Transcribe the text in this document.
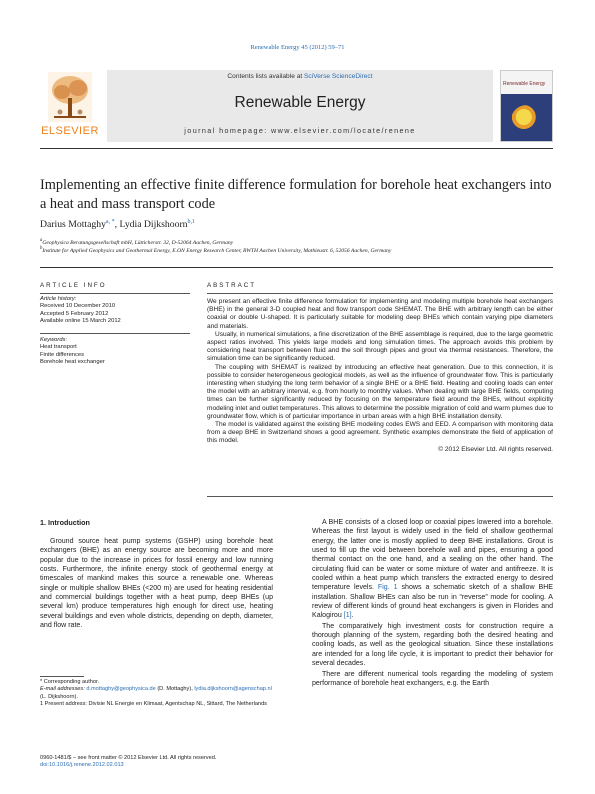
Renewable Energy 45 (2012) 59–71
ELSEVIER
Contents lists available at SciVerse ScienceDirect
Renewable Energy
journal homepage: www.elsevier.com/locate/renene
Renewable Energy
Implementing an effective finite difference formulation for borehole heat exchangers into a heat and mass transport code
Darius Mottaghy$^{a, *}$, Lydia Dijkshoorn$^{b,1}$
$^a$Geophysica Beratungsgesellschaft mbH, Lütticherstr. 32, D-52064 Aachen, Germany
$^b$Institute for Applied Geophysics and Geothermal Energy, E.ON Energy Research Center, RWTH Aachen University, Mathieustr. 6, 52056 Aachen, Germany
ARTICLE INFO
Article history:
Received 10 December 2010
Accepted 5 February 2012
Available online 15 March 2012
Keywords:
Heat transport
Finite differences
Borehole heat exchanger
ABSTRACT

We present an effective finite difference formulation for implementing and modeling multiple borehole heat exchangers (BHE) in the general 3-D coupled heat and flow transport code SHEMAT. The BHE with arbitrary length can be either coaxial or double U-shaped. It is particularly suitable for modeling deep BHEs which contain varying pipe diameters and materials.

Usually, in numerical simulations, a fine discretization of the BHE assemblage is required, due to the large geometric aspect ratios involved. This yields large models and long simulation times. The approach avoids this problem by considering heat transport between fluid and the soil through pipes and grout via thermal resistances. Therefore, the simulation time can be significantly reduced.

The coupling with SHEMAT is realized by introducing an effective heat generation. Due to this connection, it is possible to consider heterogeneous geological models, as well as the influence of groundwater flow. This is particularly interesting when studying the long term behavior of a single BHE or a BHE field. Heating and cooling loads can enter the model with an arbitrary interval, e.g. from hourly to monthly values. When dealing with large BHE fields, computing times can be further significantly reduced by focusing on the temperature field around the BHEs, without explicitly modeling inlet and outlet temperatures. This allows to determine the possible migration of cold and warm plumes due to groundwater flow, which is of particular importance in urban areas with a high BHE installation density.

The model is validated against the existing BHE modeling codes EWS and EED. A comparison with monitoring data from a deep BHE in Switzerland shows a good agreement. Synthetic examples demonstrate the field of application of this model.

© 2012 Elsevier Ltd. All rights reserved.
1. Introduction

Ground source heat pump systems (GSHP) using borehole heat exchangers (BHE) as an energy source are becoming more and more popular due to the increase in prices for fossil energy and low running costs. Furthermore, the infinite energy stock of geothermal energy at timescales of mankind makes this source a renewable one. Whereas single or multiple shallow BHEs (<200 m) are used for heating residential and commercial buildings together with a heat pump, deep BHEs (up several km) produce temperatures high enough for direct use, heating several buildings and even whole districts, depending on depth, diameter, and flow rate.

* Corresponding author.

E-mail addresses: d.mottaghy@geophysica.de (D. Mottaghy), lydia.dijkshoorn@agenschap.nl (L. Dijkshoorn).

1 Present address: Divisie NL Energie en Klimaat, Agentschap NL, Sittard, The Netherlands

0960-1481/$ – see front matter © 2012 Elsevier Ltd. All rights reserved.

doi:10.1016/j.renene.2012.02.013

A BHE consists of a closed loop or coaxial pipes lowered into a borehole. Whereas the first layout is widely used in the field of shallow geothermal energy, the latter one is mostly applied to deep BHE installations. Grout is used to fill up the void between borehole wall and pipes, ensuring a good thermal contact on the one hand, and a sealing on the other hand. The circulating fluid can be water or some mixture of water and antifreeze. It is cooled within a heat pump which transfers the extracted energy to desired temperature levels. Fig. 1 shows a schematic sketch of a shallow BHE installation. Shallow BHEs can also be run in “reverse” mode for cooling. A review of different kinds of ground heat exchangers is given in Florides and Kalogirou [1].

The comparatively high investment costs for construction require a thorough planning of the system, regarding both the desired heating and cooling loads, as well as the geological situation. Since these installations are intended for a long life cycle, it is important to predict their behavior for several decades.

There are different numerical tools regarding the modeling of system performance of borehole heat exchangers, e.g. the Earth
